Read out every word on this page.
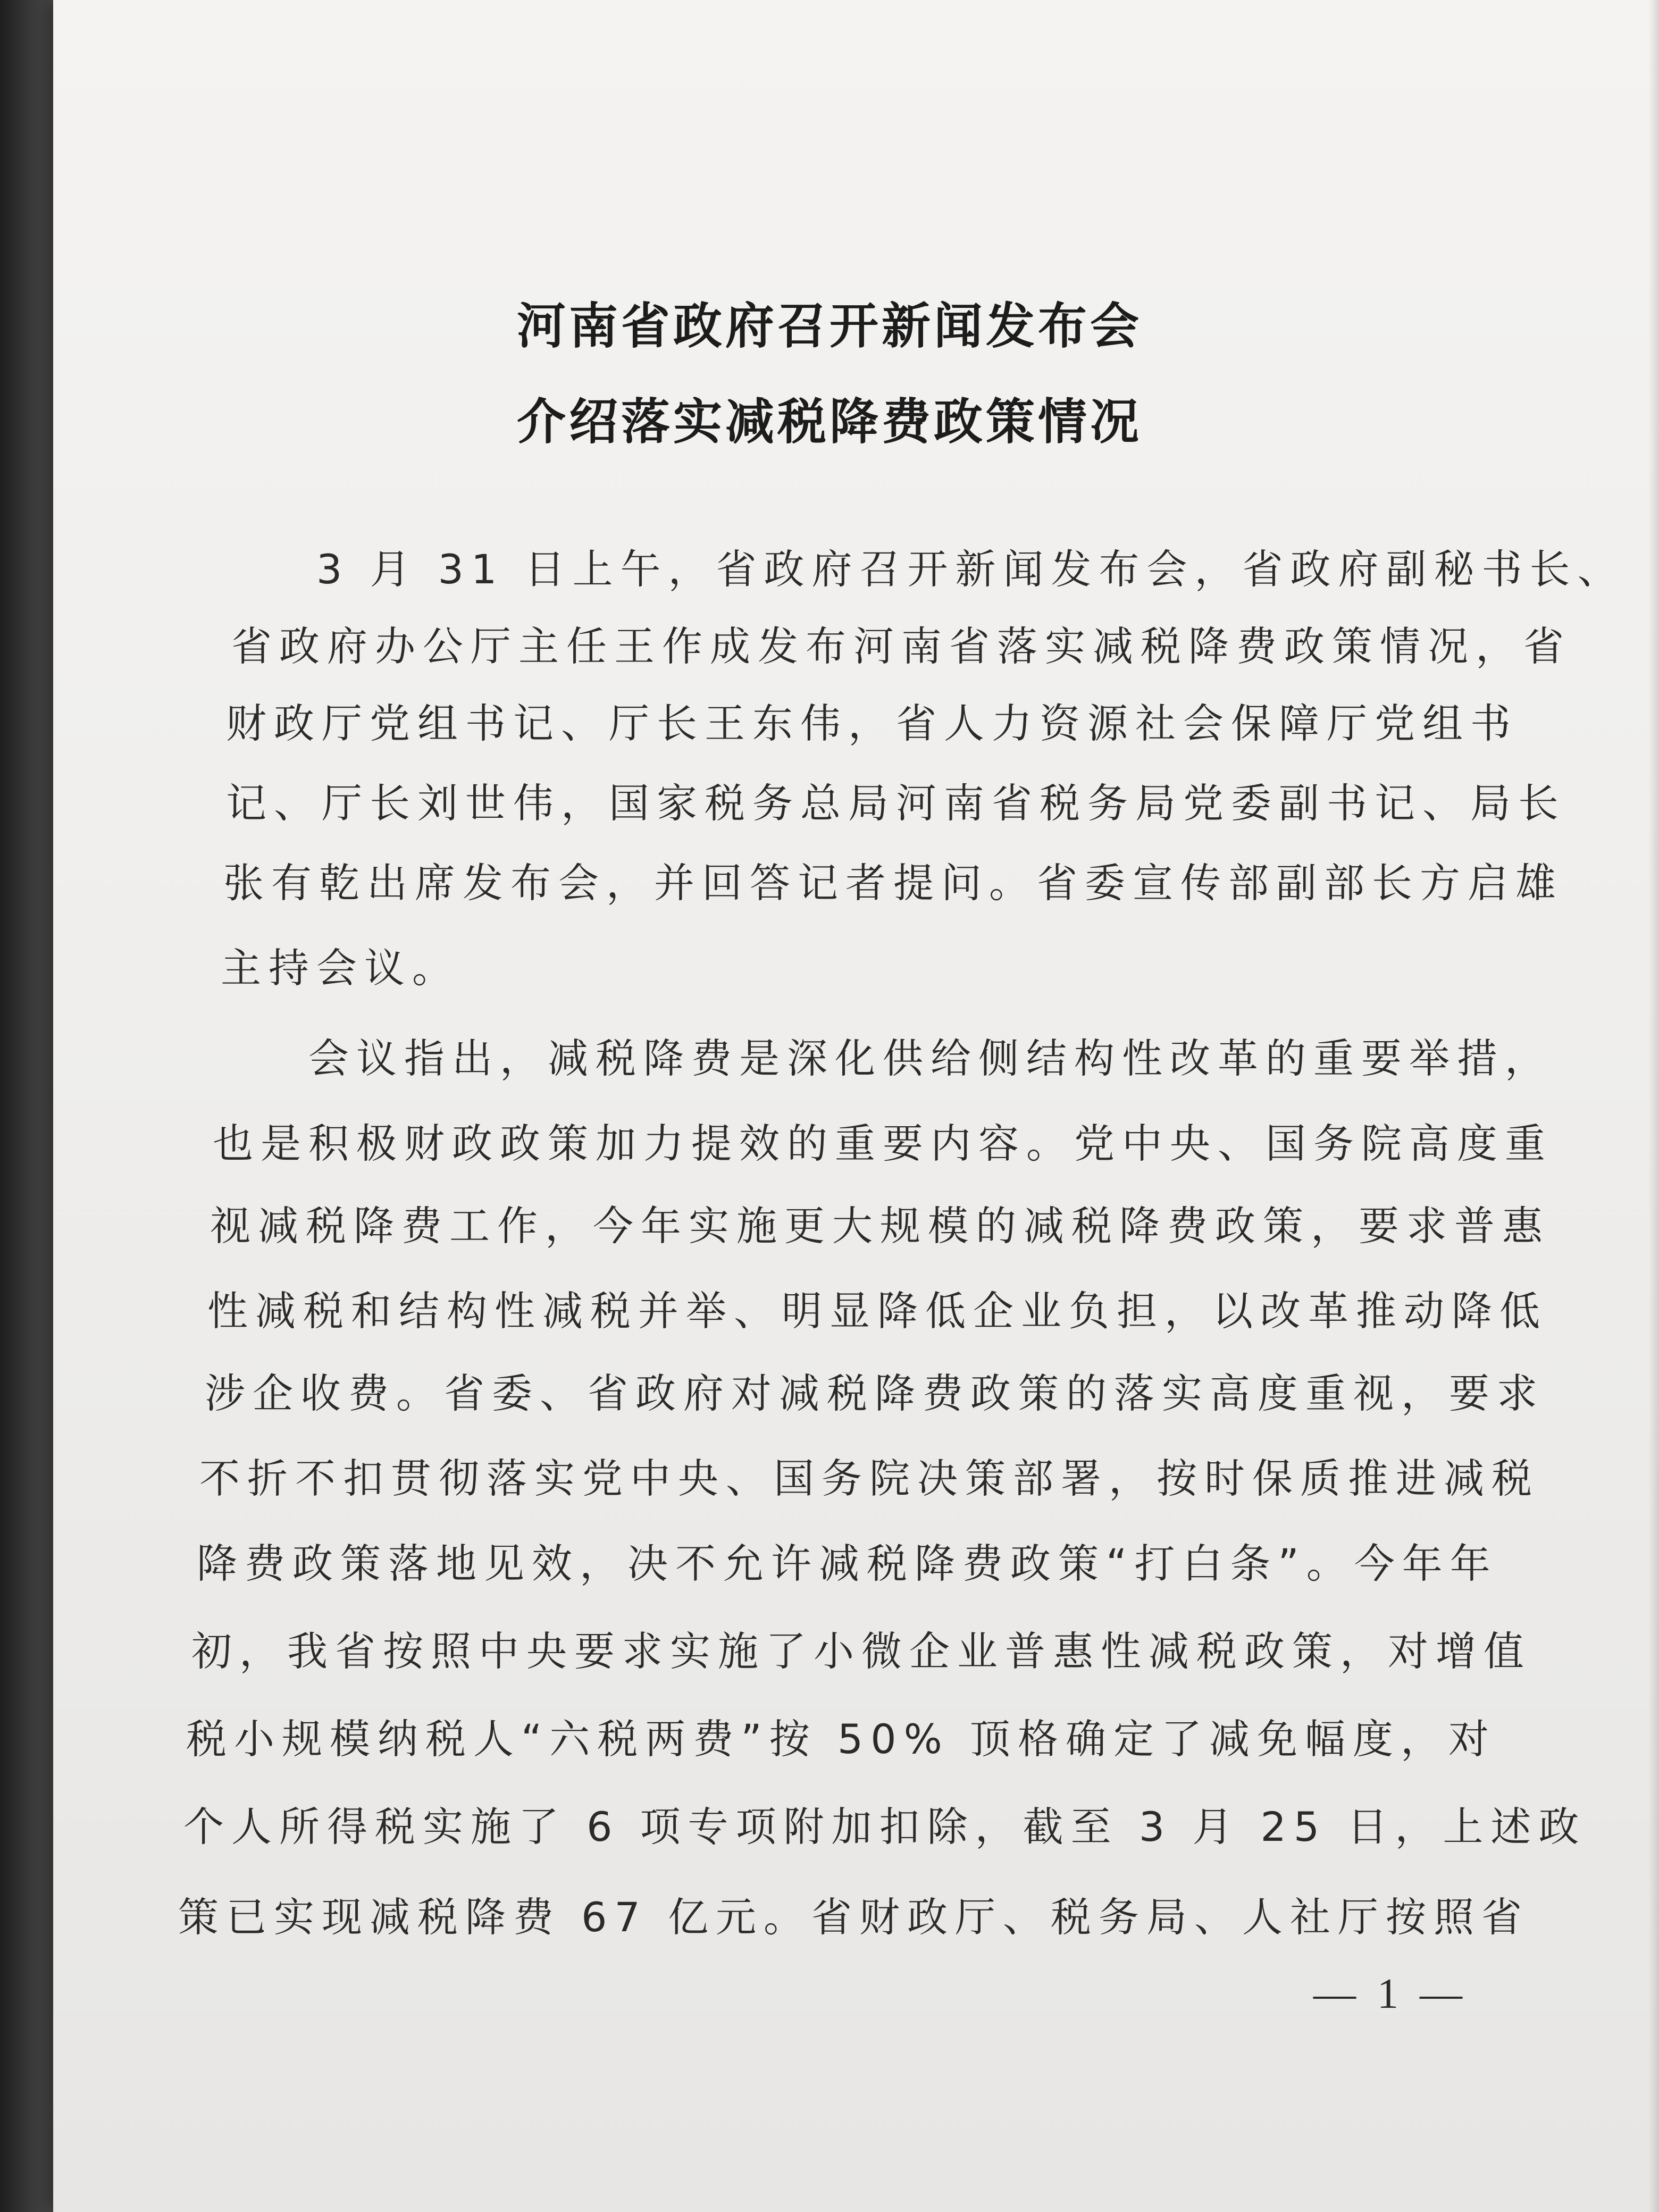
河南省政府召开新闻发布会
介绍落实减税降费政策情况
3 月 31 日上午，省政府召开新闻发布会，省政府副秘书长、
省政府办公厅主任王作成发布河南省落实减税降费政策情况，省
财政厅党组书记、厅长王东伟，省人力资源社会保障厅党组书
记、厅长刘世伟，国家税务总局河南省税务局党委副书记、局长
张有乾出席发布会，并回答记者提问。省委宣传部副部长方启雄
主持会议。
会议指出，减税降费是深化供给侧结构性改革的重要举措，
也是积极财政政策加力提效的重要内容。党中央、国务院高度重
视减税降费工作，今年实施更大规模的减税降费政策，要求普惠
性减税和结构性减税并举、明显降低企业负担，以改革推动降低
涉企收费。省委、省政府对减税降费政策的落实高度重视，要求
不折不扣贯彻落实党中央、国务院决策部署，按时保质推进减税
降费政策落地见效，决不允许减税降费政策“打白条”。今年年
初，我省按照中央要求实施了小微企业普惠性减税政策，对增值
税小规模纳税人“六税两费”按 50% 顶格确定了减免幅度，对
个人所得税实施了 6 项专项附加扣除，截至 3 月 25 日，上述政
策已实现减税降费 67 亿元。省财政厅、税务局、人社厅按照省
— 1 —
